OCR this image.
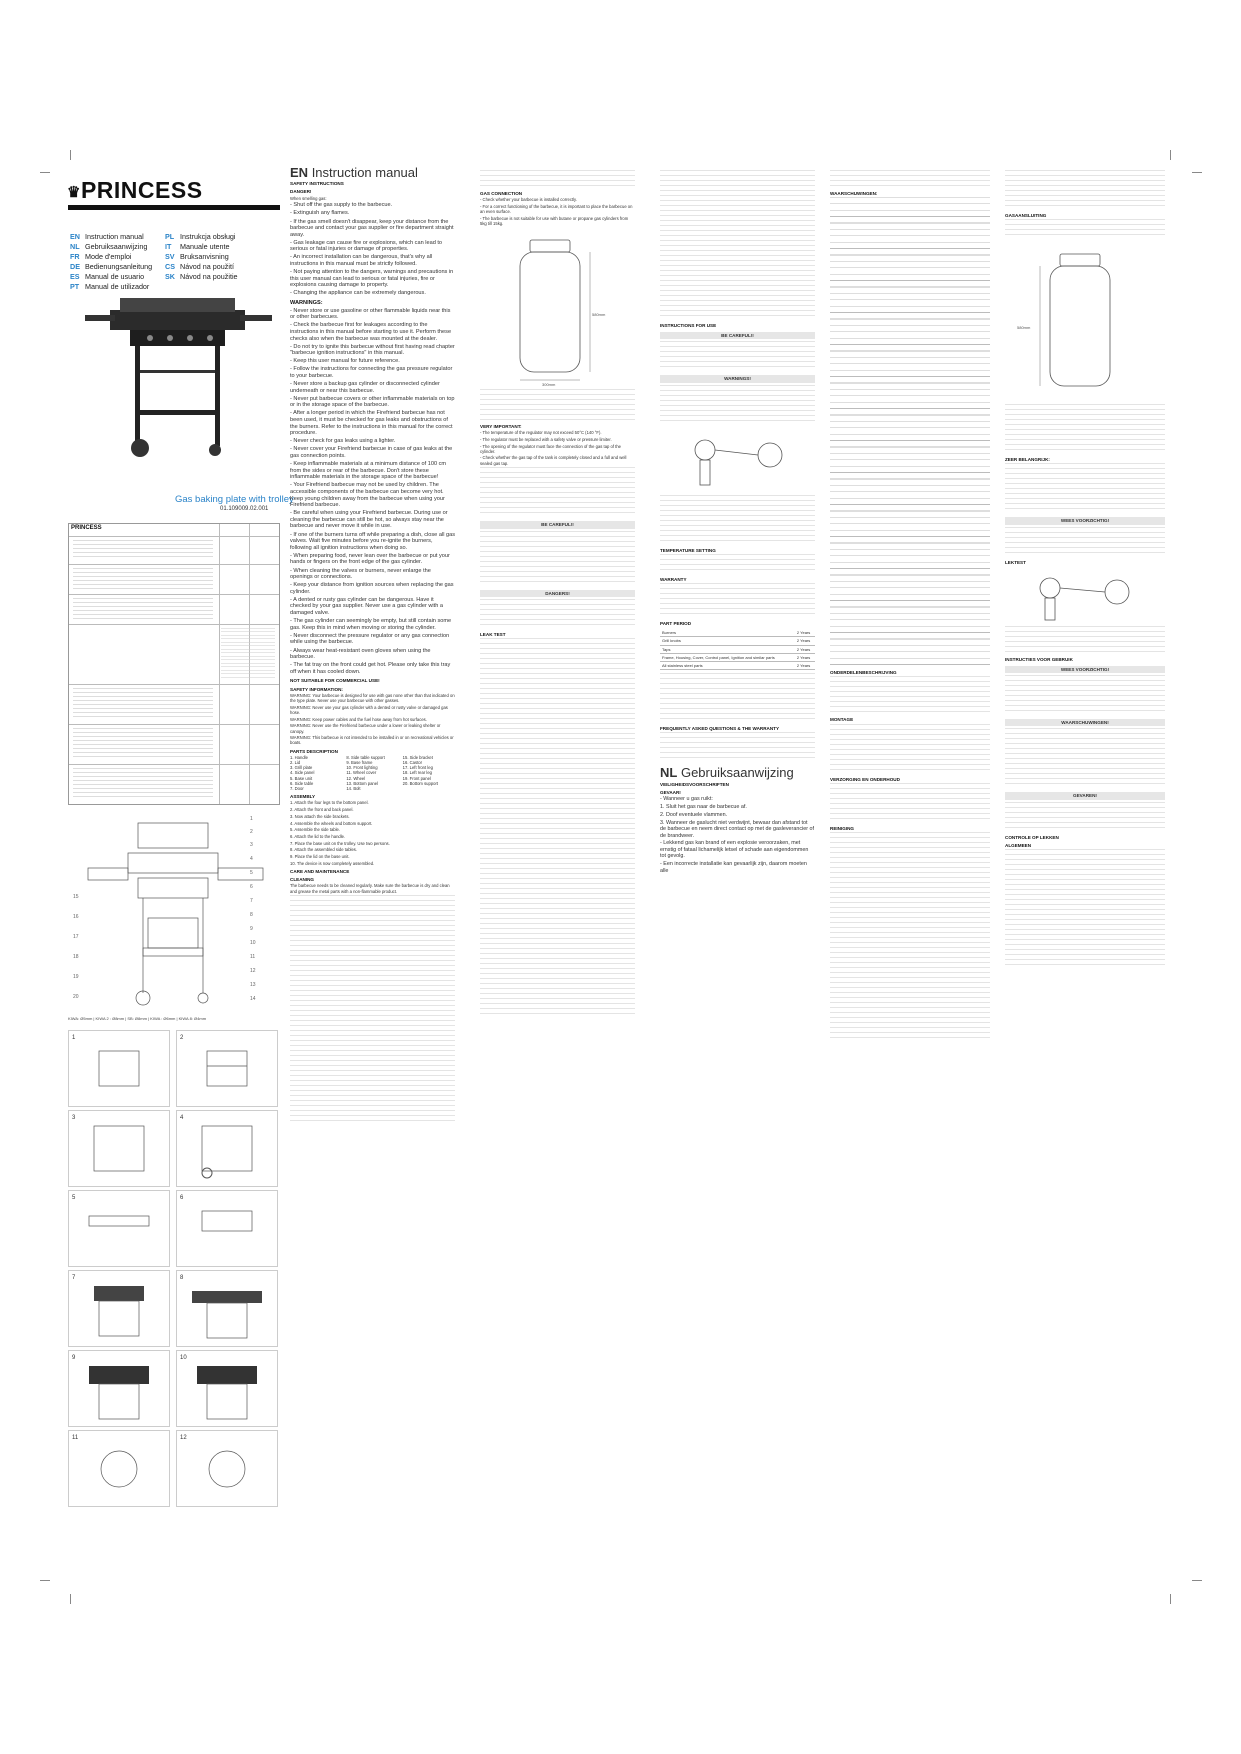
♛PRINCESS
EN Instruction manual
NL Gebruiksaanwijzing
FR Mode d'emploi
DE Bedienungsanleitung
ES Manual de usuario
PT Manual de utilizador
PL Instrukcja obsługi
IT Manuale utente
SV Bruksanvisning
CS Návod na použití
SK Návod na použitie
Gas baking plate with trolley
01.109009.02.001
PRINCESS
1
2
3
4
5
6
7
8
9
10
11
12
13
14
15
16
17
18
19
20
KIWA: Ø5mm | KIWA 2 : Ø8mm | SB: Ø8mm | KIWA : Ø6mm | KIWA 8: Ø4mm
1	2
3	4
5	6
7	8
9	10
11	12
EN Instruction manual
SAFETY INSTRUCTIONS
DANGER!

When smelling gas:

- Shut off the gas supply to the barbecue.

- Extinguish any flames.

- If the gas smell doesn't disappear, keep your distance from the barbecue and contact your gas supplier or fire department straight away.

- Gas leakage can cause fire or explosions, which can lead to serious or fatal injuries or damage of properties.

- An incorrect installation can be dangerous, that's why all instructions in this manual must be strictly followed.

- Not paying attention to the dangers, warnings and precautions in this user manual can lead to serious or fatal injuries, fire or explosions causing damage to property.

- Changing the appliance can be extremely dangerous.

WARNINGS:

- Never store or use gasoline or other flammable liquids near this or other barbecues.

- Check the barbecue first for leakages according to the instructions in this manual before starting to use it. Perform these checks also when the barbecue was mounted at the dealer.

- Do not try to ignite this barbecue without first having read chapter "barbecue ignition instructions" in this manual.

- Keep this user manual for future reference.

- Follow the instructions for connecting the gas pressure regulator to your barbecue.

- Never store a backup gas cylinder or disconnected cylinder underneath or near this barbecue.

- Never put barbecue covers or other inflammable materials on top or in the storage space of the barbecue.

- After a longer period in which the Firefriend barbecue has not been used, it must be checked for gas leaks and obstructions of the burners. Refer to the instructions in this manual for the correct procedure.

- Never check for gas leaks using a lighter.

- Never cover your Firefriend barbecue in case of gas leaks at the gas connection points.

- Keep inflammable materials at a minimum distance of 100 cm from the sides or rear of the barbecue. Don't store these inflammable materials in the storage space of the barbecue!

- Your Firefriend barbecue may not be used by children. The accessible components of the barbecue can become very hot. Keep young children away from the barbecue when using your Firefriend barbecue.

- Be careful when using your Firefriend barbecue. During use or cleaning the barbecue can still be hot, so always stay near the barbecue and never move it while in use.

- If one of the burners turns off while preparing a dish, close all gas valves. Wait five minutes before you re-ignite the burners, following all ignition instructions when doing so.

- When preparing food, never lean over the barbecue or put your hands or fingers on the front edge of the gas cylinder.

- When cleaning the valves or burners, never enlarge the openings or connections.

- Keep your distance from ignition sources when replacing the gas cylinder.

- A dented or rusty gas cylinder can be dangerous. Have it checked by your gas supplier. Never use a gas cylinder with a damaged valve.

- The gas cylinder can seemingly be empty, but still contain some gas. Keep this in mind when moving or storing the cylinder.

- Never disconnect the pressure regulator or any gas connection while using the barbecue.

- Always wear heat-resistant oven gloves when using the barbecue.

- The fat tray on the front could get hot. Please only take this tray off when it has cooled down.

NOT SUITABLE FOR COMMERCIAL USE!
SAFETY INFORMATION:

WARNING: Your barbecue is designed for use with gas none other than that indicated on the type plate. Never use your barbecue with other gasses.

WARNING: Never use your gas cylinder with a dented or rusty valve or damaged gas hose.

WARNING: Keep power cables and the fuel hose away from hot surfaces.

WARNING: Never use the Firefriend barbecue under a lower or leaking shelter or canopy.

WARNING: This barbecue is not intended to be installed in or on recreational vehicles or boats.

PARTS DESCRIPTION
1. Handle	8. Side table support	15. Side bracket
2. Lid	9. Base frame	16. Castor
3. Grill plate	10. Front lighting	17. Left front leg
4. Side panel	11. Wheel cover	18. Left rear leg
5. Base unit	12. Wheel	19. Front panel
6. Side table	13. Bottom panel	20. Bottom support
7. Door	14. Bolt
ASSEMBLY

1. Attach the four legs to the bottom panel.

2. Attach the front and back panel.

3. Now attach the side brackets.

4. Assemble the wheels and bottom support.

5. Assemble the side table.

6. Attach the lid to the handle.

7. Place the base unit on the trolley. Use two persons.

8. Attach the assembled side tables.

9. Place the lid on the base unit.

10. The device is now completely assembled.

CARE AND MAINTENANCE
CLEANING

The barbecue needs to be cleaned regularly. Make sure the barbecue is dry and clean and grease the metal parts with a non-flammable product.

GAS CONNECTION

- Check whether your barbecue is installed correctly.

- For a correct functioning of the barbecue, it is important to place the barbecue on an even surface.

- The barbecue is not suitable for use with butane or propane gas cylinders from 5kg till 15kg.

580mm
300mm
VERY IMPORTANT:

- The temperature of the regulator may not exceed 50°C (140 °F).

- The regulator must be replaced with a safety valve or pressure limiter.

- The opening of the regulator must face the connection of the gas tap of the cylinder.

- Check whether the gas tap of the tank is completely closed and a full and well sealed gas tap.

BE CAREFUL!!
DANGERS!
LEAK TEST
INSTRUCTIONS FOR USE
BE CAREFUL!!
WARNINGS!
TEMPERATURE SETTING
WARRANTY
PART PERIOD
Burners	2 Years
Grill knobs	2 Years
Taps	2 Years
Frame, Housing, Cover, Control panel, Ignition and similar parts	2 Years
All stainless steel parts	2 Years
FREQUENTLY ASKED QUESTIONS & THE WARRANTY
NL Gebruiksaanwijzing
VEILIGHEIDSVOORSCHRIFTEN
GEVAAR!

- Wanneer u gas ruikt:

1. Sluit het gas naar de barbecue af.

2. Doof eventuele vlammen.

3. Wanneer de gaslucht niet verdwijnt, bewaar dan afstand tot de barbecue en neem direct contact op met de gasleverancier of de brandweer.

- Lekkend gas kan brand of een explosie veroorzaken, met ernstig of fataal lichamelijk letsel of schade aan eigendommen tot gevolg.

- Een incorrecte installatie kan gevaarlijk zijn, daarom moeten alle

WAARSCHUWINGEN:
ONDERDELENBESCHRIJVING
MONTAGE
VERZORGING EN ONDERHOUD
REINIGING
GASAANSLUITING
580mm
ZEER BELANGRIJK:
WEES VOORZICHTIG!
LEKTEST
INSTRUCTIES VOOR GEBRUIK
WEES VOORZICHTIG!
WAARSCHUWINGEN!
GEVAREN!
CONTROLE OP LEKKEN
ALGEMEEN
